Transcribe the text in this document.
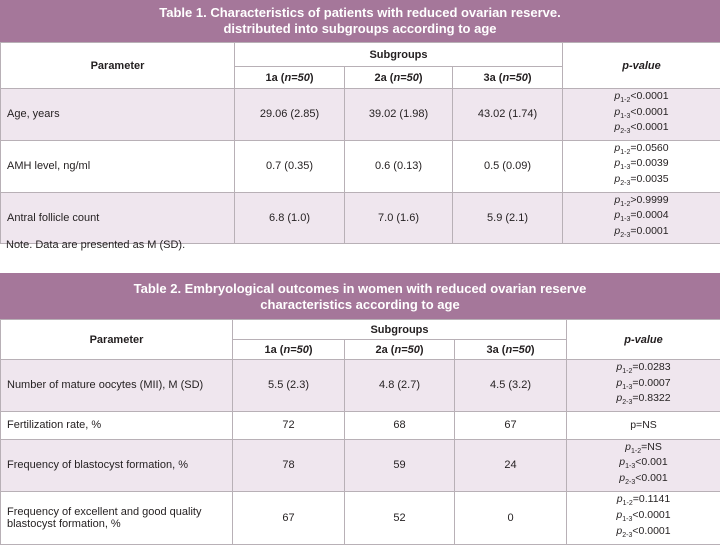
Table 1. Characteristics of patients with reduced ovarian reserve.
distributed into subgroups according to age
Parameter	Subgroups			p-value
	1a (n=50)	2a (n=50)	3a (n=50)	
Age, years	29.06 (2.85)	39.02 (1.98)	43.02 (1.74)	$p_{1-2}<0.0001$
$p_{1-3}<0.0001$
$p_{2-3}<0.0001$

AMH level, ng/ml	0.7 (0.35)	0.6 (0.13)	0.5 (0.09)	$p_{1-2}=0.0560$
$p_{1-3}=0.0039$
$p_{2-3}=0.0035$

Antral follicle count	6.8 (1.0)	7.0 (1.6)	5.9 (2.1)	$p_{1-2}>0.9999$
$p_{1-3}=0.0004$
$p_{2-3}=0.0001$
Note. Data are presented as M (SD).
Table 2. Embryological outcomes in women with reduced ovarian reserve
characteristics according to age
Parameter	Subgroups			p-value
	1a (n=50)	2a (n=50)	3a (n=50)	
Number of mature oocytes (MII), M (SD)	5.5 (2.3)	4.8 (2.7)	4.5 (3.2)	$p_{1-2}=0.0283$
$p_{1-3}=0.0007$
$p_{2-3}=0.8322$

Fertilization rate, %	72	68	67	p=NS
Frequency of blastocyst formation, %	78	59	24	$p_{1-2}=NS$
$p_{1-3}<0.001$
$p_{2-3}<0.001$

Frequency of excellent and good quality blastocyst formation, %	67	52	0	$p_{1-2}=0.1141$
$p_{1-3}<0.0001$
$p_{2-3}<0.0001$
